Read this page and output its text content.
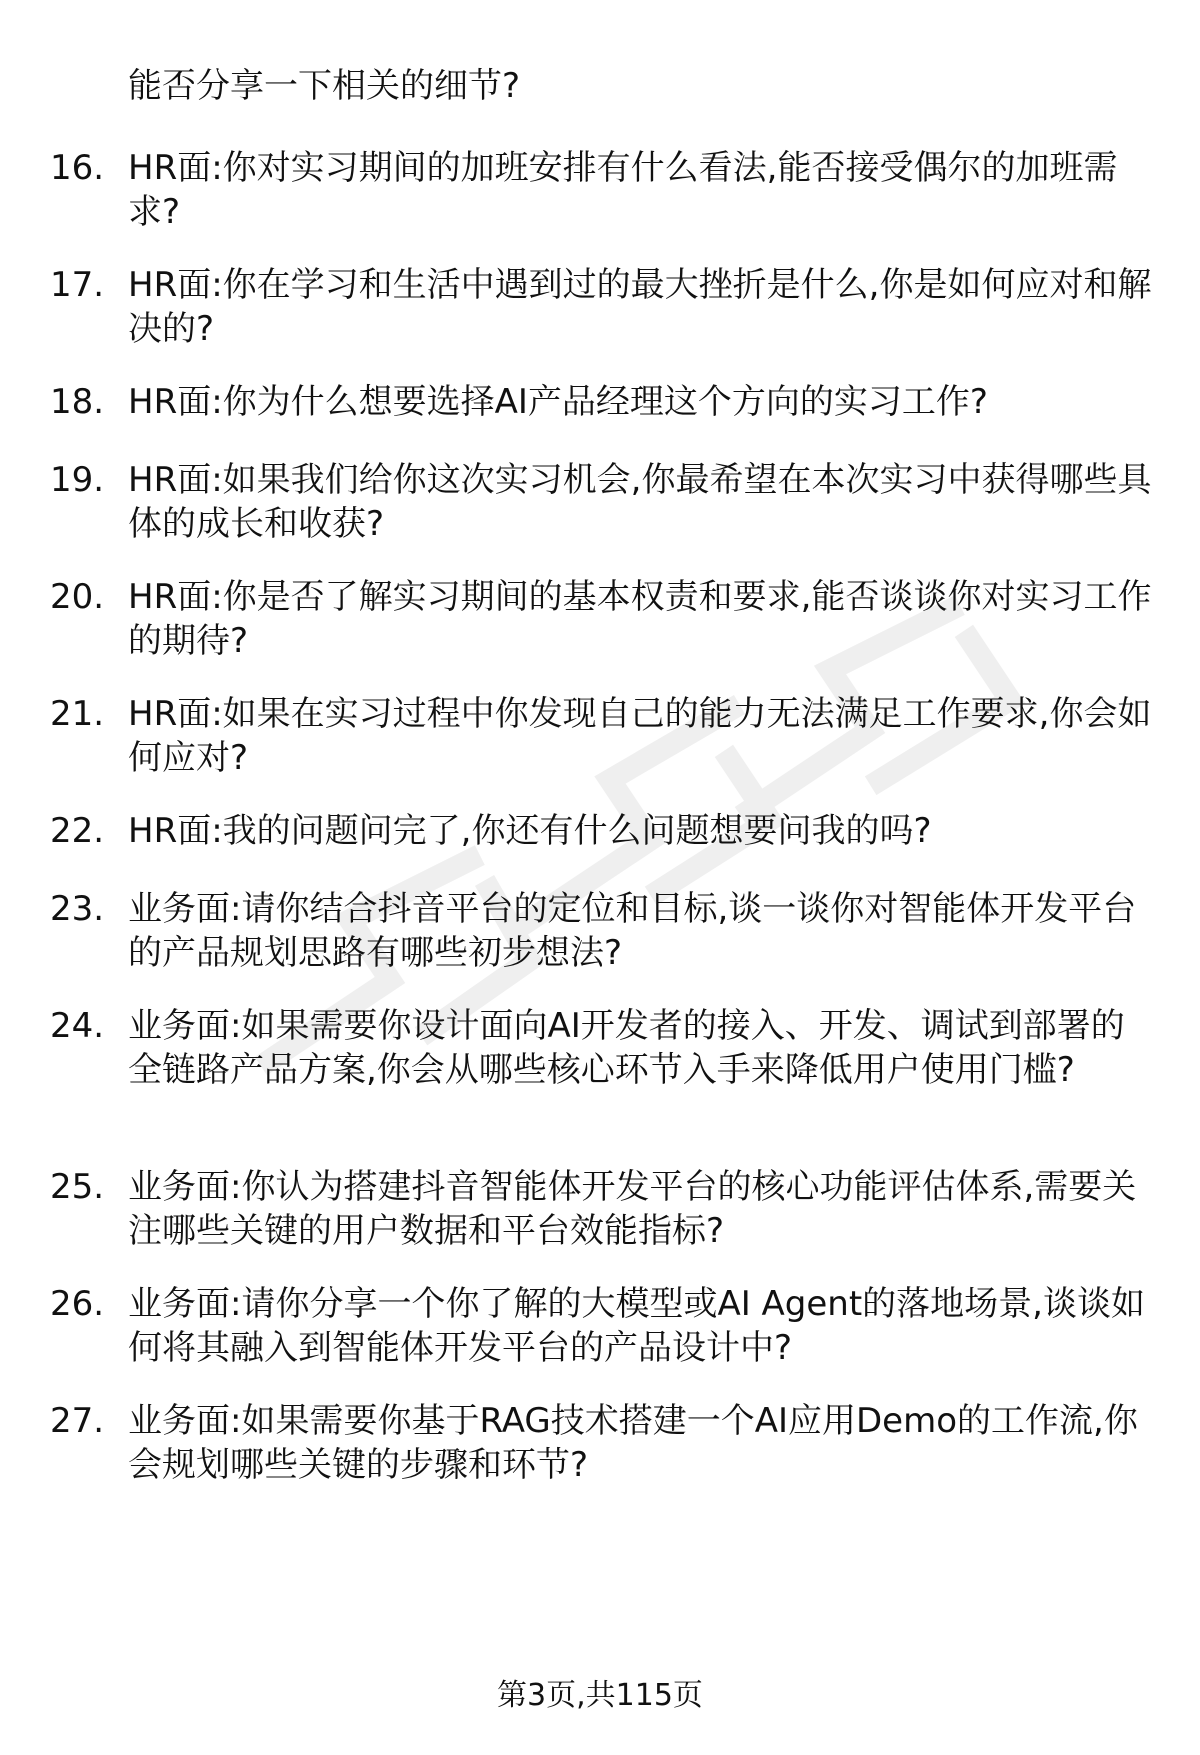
能否分享一下相关的细节?
16. HR面:你对实习期间的加班安排有什么看法,能否接受偶尔的加班需求?
17. HR面:你在学习和生活中遇到过的最大挫折是什么,你是如何应对和解决的?
18. HR面:你为什么想要选择AI产品经理这个方向的实习工作?
19. HR面:如果我们给你这次实习机会,你最希望在本次实习中获得哪些具体的成长和收获?
20. HR面:你是否了解实习期间的基本权责和要求,能否谈谈你对实习工作的期待?
21. HR面:如果在实习过程中你发现自己的能力无法满足工作要求,你会如何应对?
22. HR面:我的问题问完了,你还有什么问题想要问我的吗?
23. 业务面:请你结合抖音平台的定位和目标,谈一谈你对智能体开发平台的产品规划思路有哪些初步想法?
24. 业务面:如果需要你设计面向AI开发者的接入、开发、调试到部署的全链路产品方案,你会从哪些核心环节入手来降低用户使用门槛?
25. 业务面:你认为搭建抖音智能体开发平台的核心功能评估体系,需要关注哪些关键的用户数据和平台效能指标?
26. 业务面:请你分享一个你了解的大模型或AI Agent的落地场景,谈谈如何将其融入到智能体开发平台的产品设计中?
27. 业务面:如果需要你基于RAG技术搭建一个AI应用Demo的工作流,你会规划哪些关键的步骤和环节?
第3页,共115页
